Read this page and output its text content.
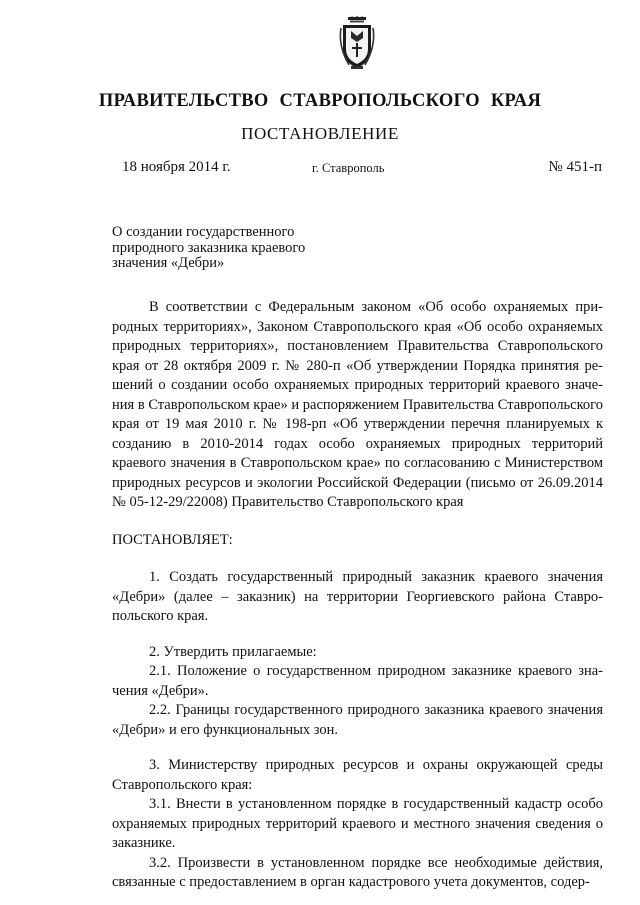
ПРАВИТЕЛЬСТВО СТАВРОПОЛЬСКОГО КРАЯ
ПОСТАНОВЛЕНИЕ
18 ноября 2014 г.	г. Ставрополь	№ 451-п
О создании государственного
природного заказника краевого
значения «Дебри»

В соответствии с Федеральным законом «Об особо охраняемых природных территориях», Законом Ставропольского края «Об особо охраняемых природных территориях», постановлением Правительства Ставропольского края от 28 октября 2009 г. № 280-п «Об утверждении Порядка принятия решений о создании особо охраняемых природных территорий краевого значения в Ставропольском крае» и распоряжением Правительства Ставропольского края от 19 мая 2010 г. № 198-рп «Об утверждении перечня планируемых к созданию в 2010-2014 годах особо охраняемых природных территорий краевого значения в Ставропольском крае» по согласованию с Министерством природных ресурсов и экологии Российской Федерации (письмо от 26.09.2014 № 05-12-29/22008) Правительство Ставропольского края

ПОСТАНОВЛЯЕТ:

1. Создать государственный природный заказник краевого значения «Дебри» (далее – заказник) на территории Георгиевского района Ставропольского края.

2. Утвердить прилагаемые:

2.1. Положение о государственном природном заказнике краевого значения «Дебри».

2.2. Границы государственного природного заказника краевого значения «Дебри» и его функциональных зон.

3. Министерству природных ресурсов и охраны окружающей среды Ставропольского края:

3.1. Внести в установленном порядке в государственный кадастр особо охраняемых природных территорий краевого и местного значения сведения о заказнике.

3.2. Произвести в установленном порядке все необходимые действия, связанные с предоставлением в орган кадастрового учета документов, содер-
